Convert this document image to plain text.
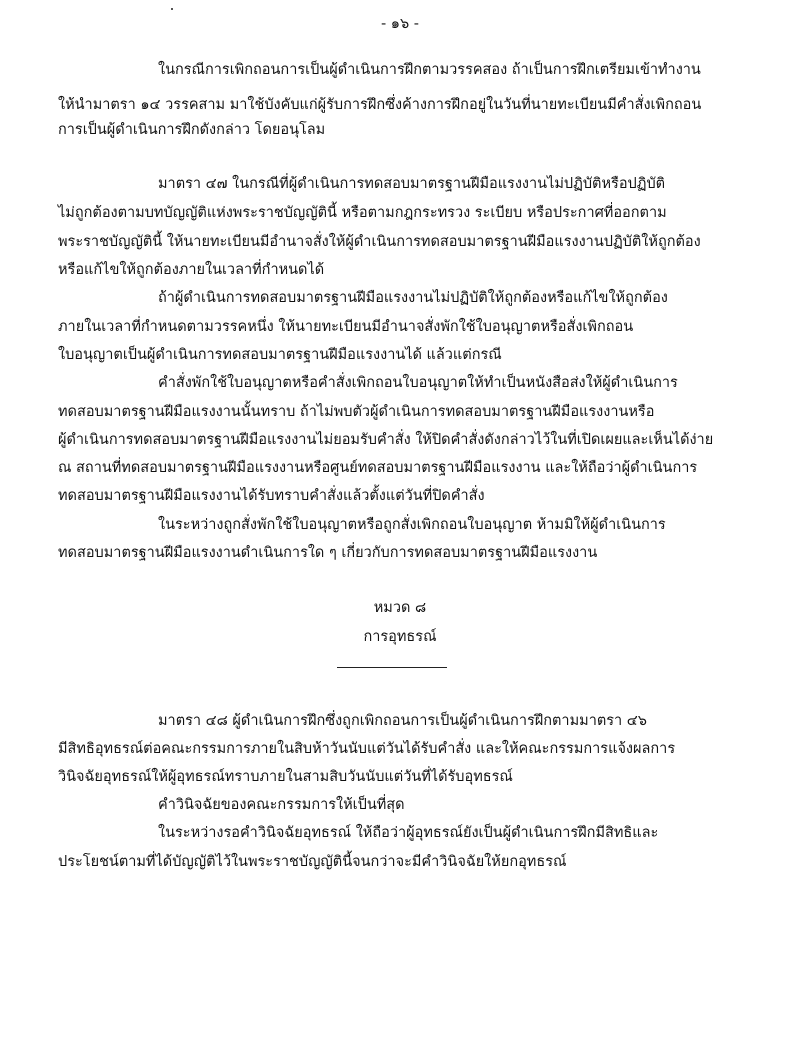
- ๑๖ -
ในกรณีการเพิกถอนการเป็นผู้ดำเนินการฝึกตามวรรคสอง ถ้าเป็นการฝึกเตรียมเข้าทำงาน
ให้นำมาตรา ๑๔ วรรคสาม มาใช้บังคับแก่ผู้รับการฝึกซึ่งค้างการฝึกอยู่ในวันที่นายทะเบียนมีคำสั่งเพิกถอน
การเป็นผู้ดำเนินการฝึกดังกล่าว โดยอนุโลม
มาตรา ๔๗ ในกรณีที่ผู้ดำเนินการทดสอบมาตรฐานฝีมือแรงงานไม่ปฏิบัติหรือปฏิบัติ
ไม่ถูกต้องตามบทบัญญัติแห่งพระราชบัญญัตินี้ หรือตามกฎกระทรวง ระเบียบ หรือประกาศที่ออกตาม
พระราชบัญญัตินี้ ให้นายทะเบียนมีอำนาจสั่งให้ผู้ดำเนินการทดสอบมาตรฐานฝีมือแรงงานปฏิบัติให้ถูกต้อง
หรือแก้ไขให้ถูกต้องภายในเวลาที่กำหนดได้
ถ้าผู้ดำเนินการทดสอบมาตรฐานฝีมือแรงงานไม่ปฏิบัติให้ถูกต้องหรือแก้ไขให้ถูกต้อง
ภายในเวลาที่กำหนดตามวรรคหนึ่ง ให้นายทะเบียนมีอำนาจสั่งพักใช้ใบอนุญาตหรือสั่งเพิกถอน
ใบอนุญาตเป็นผู้ดำเนินการทดสอบมาตรฐานฝีมือแรงงานได้ แล้วแต่กรณี
คำสั่งพักใช้ใบอนุญาตหรือคำสั่งเพิกถอนใบอนุญาตให้ทำเป็นหนังสือส่งให้ผู้ดำเนินการ
ทดสอบมาตรฐานฝีมือแรงงานนั้นทราบ ถ้าไม่พบตัวผู้ดำเนินการทดสอบมาตรฐานฝีมือแรงงานหรือ
ผู้ดำเนินการทดสอบมาตรฐานฝีมือแรงงานไม่ยอมรับคำสั่ง ให้ปิดคำสั่งดังกล่าวไว้ในที่เปิดเผยและเห็นได้ง่าย
ณ สถานที่ทดสอบมาตรฐานฝีมือแรงงานหรือศูนย์ทดสอบมาตรฐานฝีมือแรงงาน และให้ถือว่าผู้ดำเนินการ
ทดสอบมาตรฐานฝีมือแรงงานได้รับทราบคำสั่งแล้วตั้งแต่วันที่ปิดคำสั่ง
ในระหว่างถูกสั่งพักใช้ใบอนุญาตหรือถูกสั่งเพิกถอนใบอนุญาต ห้ามมิให้ผู้ดำเนินการ
ทดสอบมาตรฐานฝีมือแรงงานดำเนินการใด ๆ เกี่ยวกับการทดสอบมาตรฐานฝีมือแรงงาน
หมวด ๘
การอุทธรณ์
มาตรา ๔๘ ผู้ดำเนินการฝึกซึ่งถูกเพิกถอนการเป็นผู้ดำเนินการฝึกตามมาตรา ๔๖
มีสิทธิอุทธรณ์ต่อคณะกรรมการภายในสิบห้าวันนับแต่วันได้รับคำสั่ง และให้คณะกรรมการแจ้งผลการ
วินิจฉัยอุทธรณ์ให้ผู้อุทธรณ์ทราบภายในสามสิบวันนับแต่วันที่ได้รับอุทธรณ์
คำวินิจฉัยของคณะกรรมการให้เป็นที่สุด
ในระหว่างรอคำวินิจฉัยอุทธรณ์ ให้ถือว่าผู้อุทธรณ์ยังเป็นผู้ดำเนินการฝึกมีสิทธิและ
ประโยชน์ตามที่ได้บัญญัติไว้ในพระราชบัญญัตินี้จนกว่าจะมีคำวินิจฉัยให้ยกอุทธรณ์
